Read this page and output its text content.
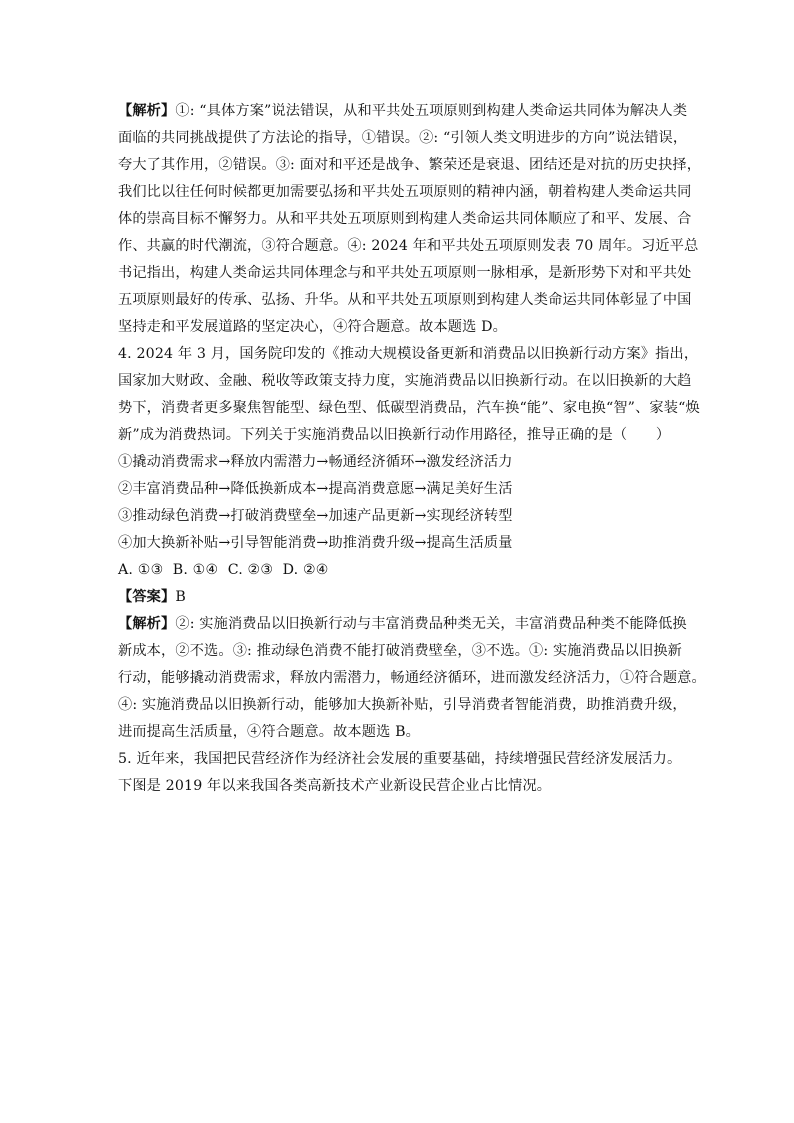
【解析】①: “具体方案”说法错误，从和平共处五项原则到构建人类命运共同体为解决人类
面临的共同挑战提供了方法论的指导，①错误。②: “引领人类文明进步的方向”说法错误，
夸大了其作用，②错误。③: 面对和平还是战争、繁荣还是衰退、团结还是对抗的历史抉择，
我们比以往任何时候都更加需要弘扬和平共处五项原则的精神内涵，朝着构建人类命运共同
体的崇高目标不懈努力。从和平共处五项原则到构建人类命运共同体顺应了和平、发展、合
作、共赢的时代潮流，③符合题意。④: 2024 年和平共处五项原则发表 70 周年。习近平总
书记指出，构建人类命运共同体理念与和平共处五项原则一脉相承，是新形势下对和平共处
五项原则最好的传承、弘扬、升华。从和平共处五项原则到构建人类命运共同体彰显了中国
坚持走和平发展道路的坚定决心，④符合题意。故本题选 D。
4. 2024 年 3 月，国务院印发的《推动大规模设备更新和消费品以旧换新行动方案》指出，
国家加大财政、金融、税收等政策支持力度，实施消费品以旧换新行动。在以旧换新的大趋
势下，消费者更多聚焦智能型、绿色型、低碳型消费品，汽车换“能”、家电换“智”、家装“焕
新”成为消费热词。下列关于实施消费品以旧换新行动作用路径，推导正确的是（　　）
①撬动消费需求→释放内需潜力→畅通经济循环→激发经济活力
②丰富消费品种→降低换新成本→提高消费意愿→满足美好生活
③推动绿色消费→打破消费壁垒→加速产品更新→实现经济转型
④加大换新补贴→引导智能消费→助推消费升级→提高生活质量
A. ①③  B. ①④  C. ②③  D. ②④
【答案】B
【解析】②: 实施消费品以旧换新行动与丰富消费品种类无关，丰富消费品种类不能降低换
新成本，②不选。③: 推动绿色消费不能打破消费壁垒，③不选。①: 实施消费品以旧换新
行动，能够撬动消费需求，释放内需潜力，畅通经济循环，进而激发经济活力，①符合题意。
④: 实施消费品以旧换新行动，能够加大换新补贴，引导消费者智能消费，助推消费升级，
进而提高生活质量，④符合题意。故本题选 B。
5. 近年来，我国把民营经济作为经济社会发展的重要基础，持续增强民营经济发展活力。
下图是 2019 年以来我国各类高新技术产业新设民营企业占比情况。
